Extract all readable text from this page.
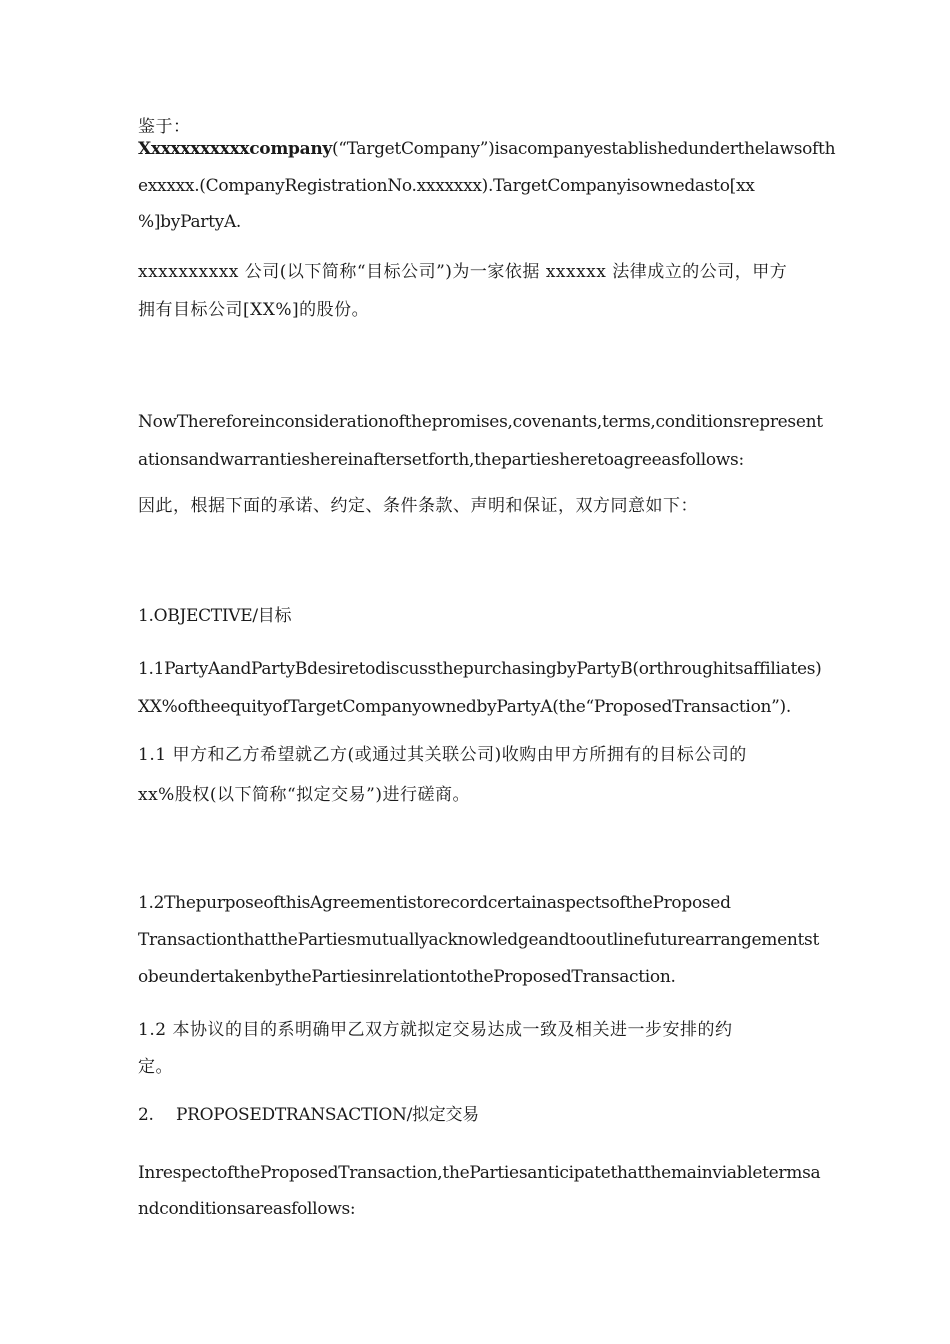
鉴于：
Xxxxxxxxxxxcompany(“TargetCompany”)isacompanyestablishedunderthelawsofth
exxxxx.(CompanyRegistrationNo.xxxxxxx).TargetCompanyisownedasto[xx
%]byPartyA.
xxxxxxxxxx 公司(以下简称“目标公司”)为一家依据 xxxxxx 法律成立的公司，甲方
拥有目标公司[XX%]的股份。
NowThereforeinconsiderationofthepromises,covenants,terms,conditionsrepresent
ationsandwarrantieshereinaftersetforth,thepartiesheretoagreeasfollows:
因此，根据下面的承诺、约定、条件条款、声明和保证，双方同意如下：
1.OBJECTIVE/目标
1.1PartyAandPartyBdesiretodiscussthepurchasingbyPartyB(orthroughitsaffiliates)
XX%oftheequityofTargetCompanyownedbyPartyA(the“ProposedTransaction”).
1.1 甲方和乙方希望就乙方(或通过其关联公司)收购由甲方所拥有的目标公司的
xx%股权(以下简称“拟定交易”)进行磋商。
1.2ThepurposeofthisAgreementistorecordcertainaspectsoftheProposed
TransactionthatthePartiesmutuallyacknowledgeandtooutlinefuturearrangementst
obeundertakenbythePartiesinrelationtotheProposedTransaction.
1.2 本协议的目的系明确甲乙双方就拟定交易达成一致及相关进一步安排的约
定。
2. PROPOSEDTRANSACTION/拟定交易
InrespectoftheProposedTransaction,thePartiesanticipatethatthemainviabletermsa
ndconditionsareasfollows:
